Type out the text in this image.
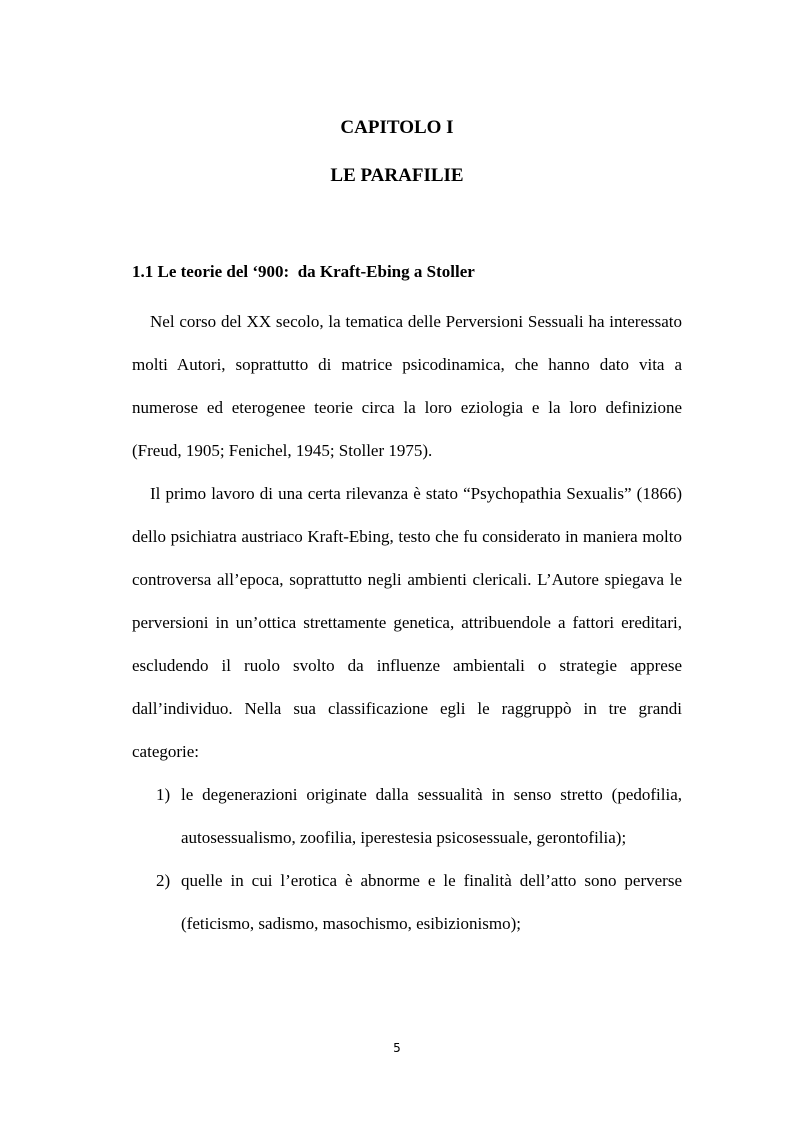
CAPITOLO I
LE PARAFILIE
1.1 Le teorie del ‘900:  da Kraft-Ebing a Stoller

Nel corso del XX secolo, la tematica delle Perversioni Sessuali ha interessato molti Autori, soprattutto di matrice psicodinamica, che hanno dato vita a numerose ed eterogenee teorie circa la loro eziologia e la loro definizione (Freud, 1905; Fenichel, 1945; Stoller 1975).

Il primo lavoro di una certa rilevanza è stato “Psychopathia Sexualis” (1866) dello psichiatra austriaco Kraft-Ebing, testo che fu considerato in maniera molto controversa all’epoca, soprattutto negli ambienti clericali. L’Autore spiegava le perversioni in un’ottica strettamente genetica, attribuendole a fattori ereditari, escludendo il ruolo svolto da influenze ambientali o strategie apprese dall’individuo. Nella sua classificazione egli le raggruppò in tre grandi categorie:

1) le degenerazioni originate dalla sessualità in senso stretto (pedofilia, autosessualismo, zoofilia, iperestesia psicosessuale, gerontofilia);
2) quelle in cui l’erotica è abnorme e le finalità dell’atto sono perverse (feticismo, sadismo, masochismo, esibizionismo);
5
